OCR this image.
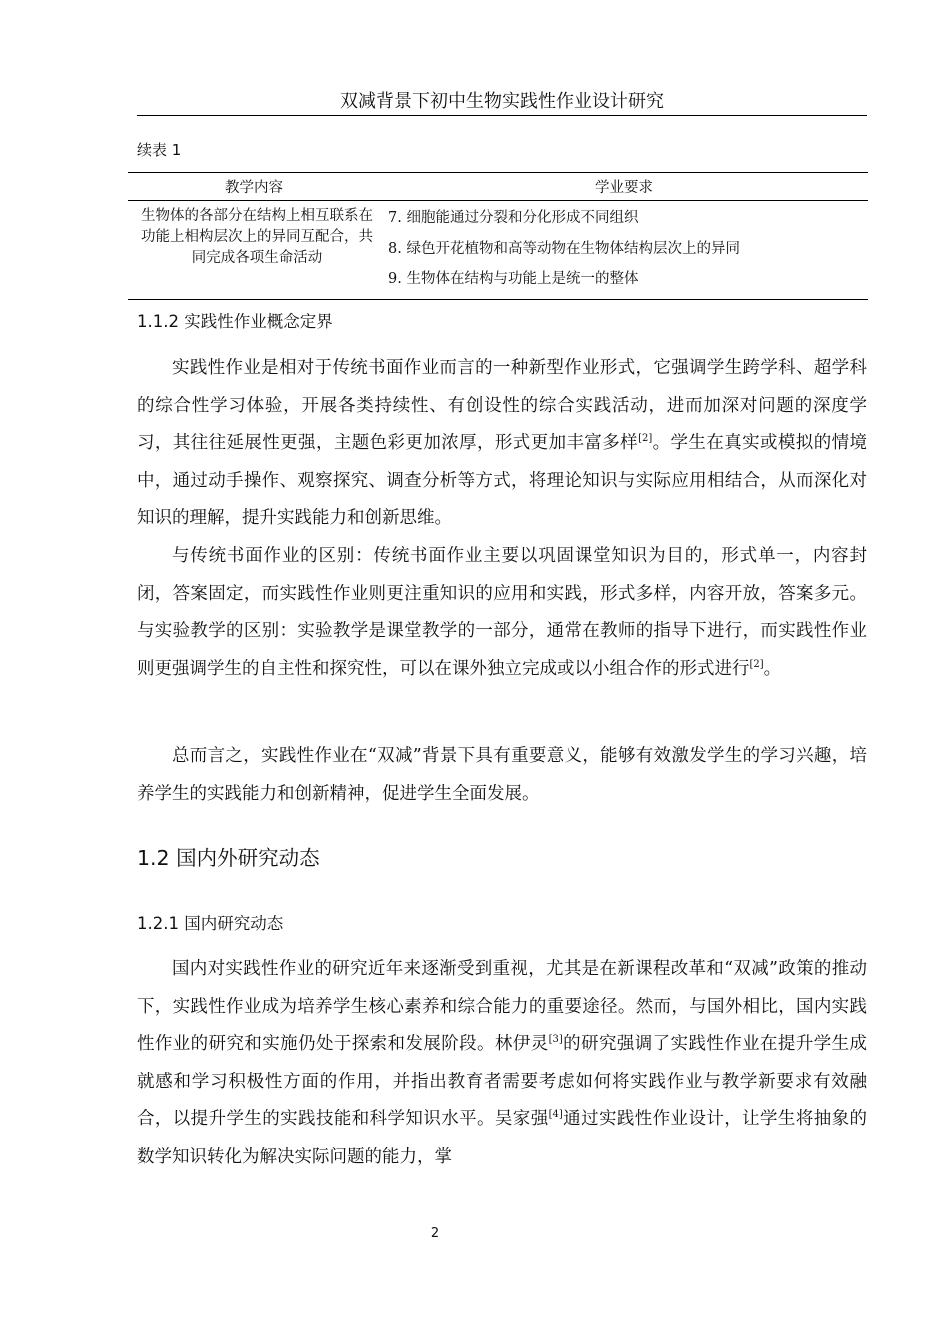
双减背景下初中生物实践性作业设计研究
续表 1
教学内容	学业要求

生物体的各部分在结构上相互联系在功能上相构层次上的异同互配合，共同完成各项生命活动	7. 细胞能通过分裂和分化形成不同组织
8. 绿色开花植物和高等动物在生物体结构层次上的异同
9. 生物体在结构与功能上是统一的整体
1.1.2 实践性作业概念定界

实践性作业是相对于传统书面作业而言的一种新型作业形式，它强调学生跨学科、超学科的综合性学习体验，开展各类持续性、有创设性的综合实践活动，进而加深对问题的深度学习，其往往延展性更强，主题色彩更加浓厚，形式更加丰富多样[2]。学生在真实或模拟的情境中，通过动手操作、观察探究、调查分析等方式，将理论知识与实际应用相结合，从而深化对知识的理解，提升实践能力和创新思维。

与传统书面作业的区别：传统书面作业主要以巩固课堂知识为目的，形式单一，内容封闭，答案固定，而实践性作业则更注重知识的应用和实践，形式多样，内容开放，答案多元。与实验教学的区别：实验教学是课堂教学的一部分，通常在教师的指导下进行，而实践性作业则更强调学生的自主性和探究性，可以在课外独立完成或以小组合作的形式进行[2]。

总而言之，实践性作业在“双减”背景下具有重要意义，能够有效激发学生的学习兴趣，培养学生的实践能力和创新精神，促进学生全面发展。

1.2 国内外研究动态
1.2.1 国内研究动态

国内对实践性作业的研究近年来逐渐受到重视，尤其是在新课程改革和“双减”政策的推动下，实践性作业成为培养学生核心素养和综合能力的重要途径。然而，与国外相比，国内实践性作业的研究和实施仍处于探索和发展阶段。林伊灵[3]的研究强调了实践性作业在提升学生成就感和学习积极性方面的作用，并指出教育者需要考虑如何将实践作业与教学新要求有效融合，以提升学生的实践技能和科学知识水平。吴家强[4]通过实践性作业设计，让学生将抽象的数学知识转化为解决实际问题的能力，掌

2
